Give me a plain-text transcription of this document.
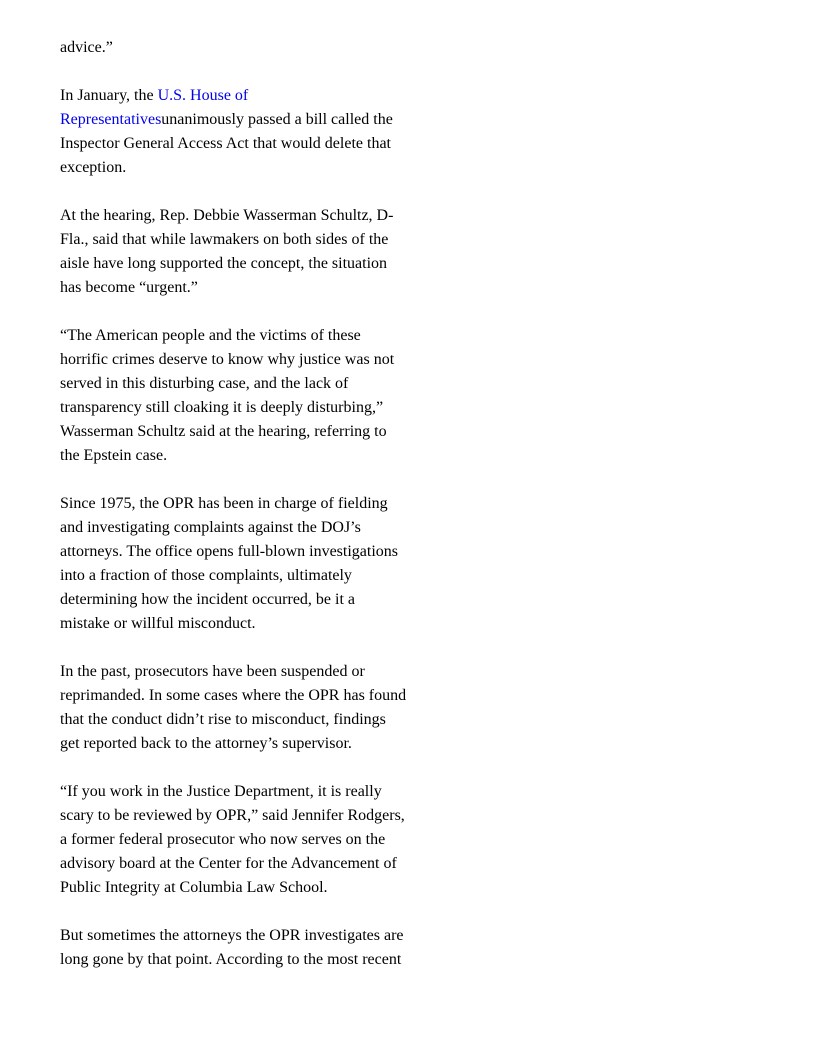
advice.”

In January, the U.S. House of Representativesunanimously passed a bill called the Inspector General Access Act that would delete that exception.

At the hearing, Rep. Debbie Wasserman Schultz, D-Fla., said that while lawmakers on both sides of the aisle have long supported the concept, the situation has become “urgent.”

“The American people and the victims of these horrific crimes deserve to know why justice was not served in this disturbing case, and the lack of transparency still cloaking it is deeply disturbing,” Wasserman Schultz said at the hearing, referring to the Epstein case.

Since 1975, the OPR has been in charge of fielding and investigating complaints against the DOJ’s attorneys. The office opens full-blown investigations into a fraction of those complaints, ultimately determining how the incident occurred, be it a mistake or willful misconduct.

In the past, prosecutors have been suspended or reprimanded. In some cases where the OPR has found that the conduct didn’t rise to misconduct, findings get reported back to the attorney’s supervisor.

“If you work in the Justice Department, it is really scary to be reviewed by OPR,” said Jennifer Rodgers, a former federal prosecutor who now serves on the advisory board at the Center for the Advancement of Public Integrity at Columbia Law School.

But sometimes the attorneys the OPR investigates are long gone by that point. According to the most recent
